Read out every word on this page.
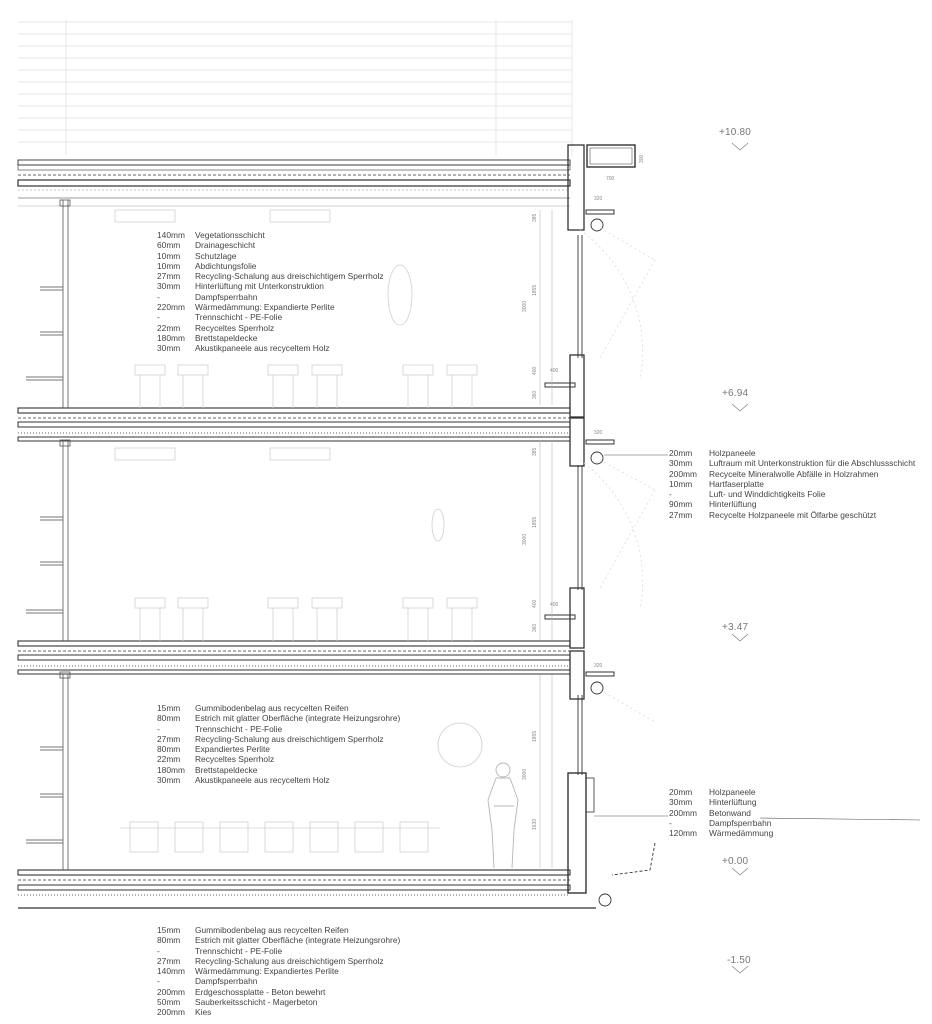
300
700
320
320
320
400
400
385
385
360
360
1855
1855
1855
3000
3000
3000
400
400
1630
+10.80
+6.94
+3.47
+0.00
-1.50
140mm	Vegetationsschicht
60mm	Drainageschicht
10mm	Schutzlage
10mm	Abdichtungsfolie
27mm	Recycling-Schalung aus dreischichtigem Sperrholz
30mm	Hinterlüftung mit Unterkonstruktion
-	Dampfsperrbahn
220mm	Wärmedämmung: Expandierte Perlite
-	Trennschicht - PE-Folie
22mm	Recyceltes Sperrholz
180mm	Brettstapeldecke
30mm	Akustikpaneele aus recyceltem Holz
20mm	Holzpaneele
30mm	Luftraum mit Unterkonstruktion für die Abschlussschicht
200mm	Recycelte Mineralwolle Abfälle in Holzrahmen
10mm	Hartfaserplatte
-	Luft- und Winddichtigkeits Folie
90mm	Hinterlüftung
27mm	Recycelte Holzpaneele mit Ölfarbe geschützt
15mm	Gummibodenbelag aus recycelten Reifen
80mm	Estrich mit glatter Oberfläche (integrate Heizungsrohre)
-	Trennschicht - PE-Folie
27mm	Recycling-Schalung aus dreischichtigem Sperrholz
80mm	Expandiertes Perlite
22mm	Recyceltes Sperrholz
180mm	Brettstapeldecke
30mm	Akustikpaneele aus recyceltem Holz
20mm	Holzpaneele
30mm	Hinterlüftung
200mm	Betonwand
-	Dampfsperrbahn
120mm	Wärmedämmung
15mm	Gummibodenbelag aus recycelten Reifen
80mm	Estrich mit glatter Oberfläche (integrate Heizungsrohre)
-	Trennschicht - PE-Folie
27mm	Recycling-Schalung aus dreischichtigem Sperrholz
140mm	Wärmedämmung: Expandiertes Perlite
-	Dampfsperrbahn
200mm	Erdgeschossplatte - Beton bewehrt
50mm	Sauberkeitsschicht - Magerbeton
200mm	Kies
